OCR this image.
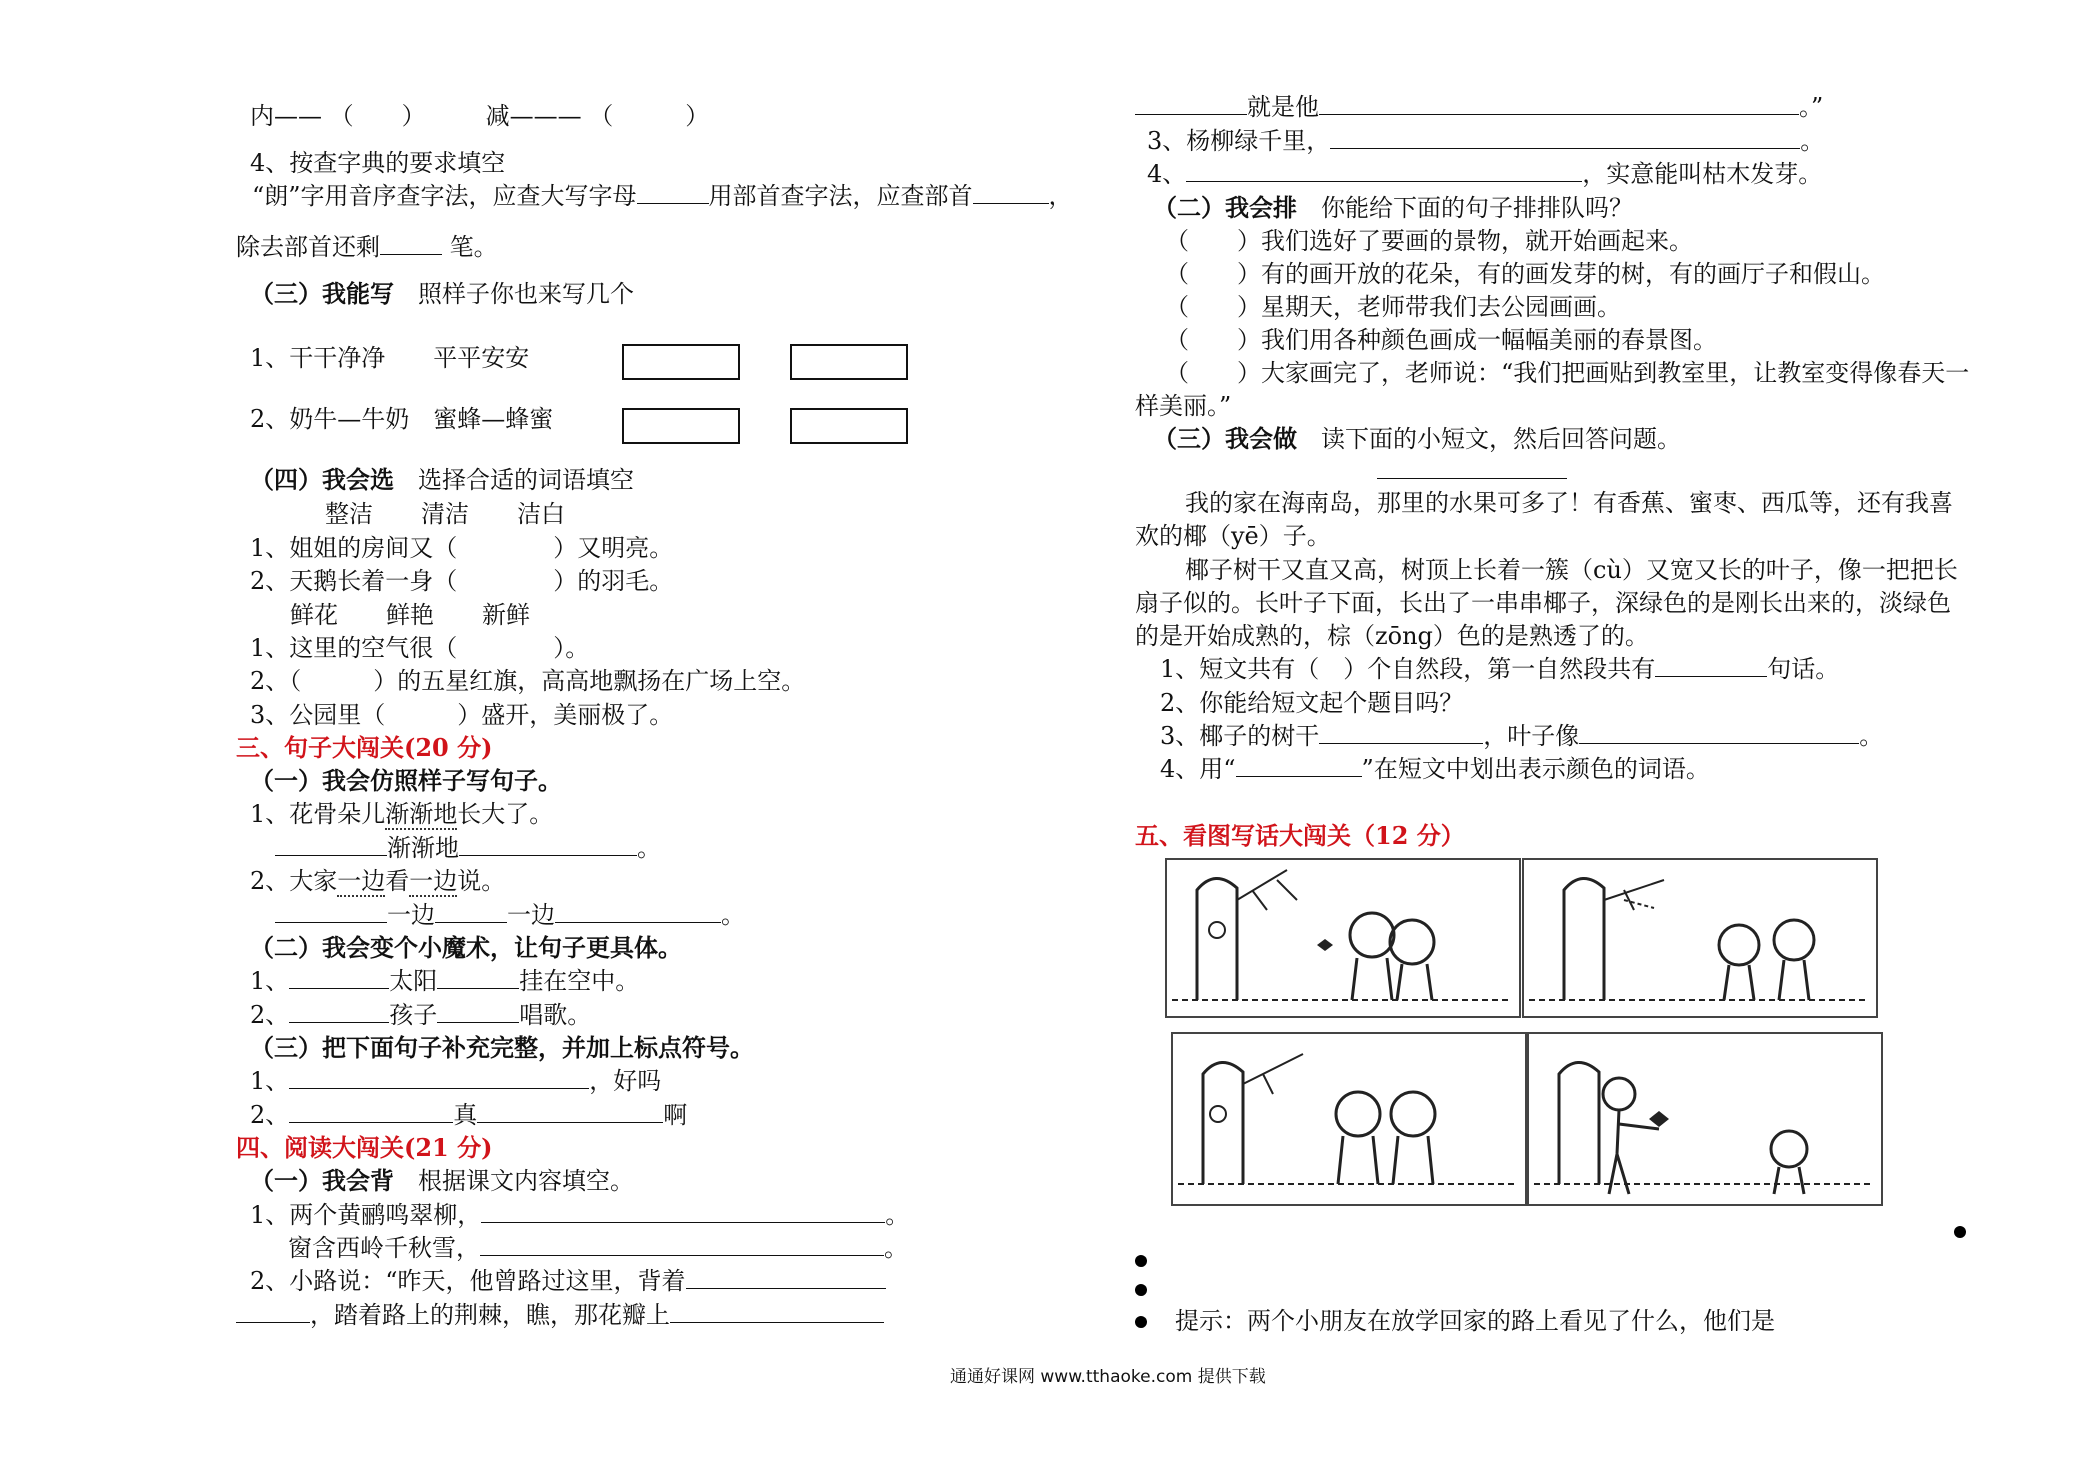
内—— （　　）　　　减——— （　　　）
4、按查字典的要求填空
“朗”字用音序查字法，应查大写字母	用部首查字法，应查部首	，
除去部首还剩	笔。
（三）我能写　 照样子你也来写几个
1、干干净净　　平平安安
2、奶牛—牛奶　蜜蜂—蜂蜜
（四）我会选　 选择合适的词语填空
整洁　　清洁　　洁白
1、姐姐的房间又（　　　　）又明亮。
2、天鹅长着一身（　　　　）的羽毛。
鲜花　　鲜艳　　新鲜
1、这里的空气很（　　　　）。
2、（　　　）的五星红旗，高高地飘扬在广场上空。
3、公园里（　　　）盛开，美丽极了。
三、句子大闯关(20 分)
（一）我会仿照样子写句子。
1、花骨朵儿渐渐地长大了。
渐渐地	。
2、大家一边看一边说。
一边	一边	。
（二）我会变个小魔术，让句子更具体。
1、	太阳	挂在空中。
2、	孩子	唱歌。
（三）把下面句子补充完整，并加上标点符号。
1、	，好吗
2、	真	啊
四、阅读大闯关(21 分)
（一）我会背　 根据课文内容填空。
1、两个黄鹂鸣翠柳，	。
窗含西岭千秋雪，	。
2、小路说：“昨天，他曾路过这里，背着
，踏着路上的荆棘，瞧，那花瓣上
就是他	。”
3、杨柳绿千里，	。
4、	，实意能叫枯木发芽。
（二）我会排　 你能给下面的句子排排队吗？
（　　）我们选好了要画的景物，就开始画起来。
（　　）有的画开放的花朵，有的画发芽的树，有的画厅子和假山。
（　　）星期天，老师带我们去公园画画。
（　　）我们用各种颜色画成一幅幅美丽的春景图。
（　　）大家画完了，老师说：“我们把画贴到教室里，让教室变得像春天一
样美丽。”
（三）我会做　 读下面的小短文，然后回答问题。
我的家在海南岛，那里的水果可多了！有香蕉、蜜枣、西瓜等，还有我喜
欢的椰（yē）子。
椰子树干又直又高，树顶上长着一簇（cù）又宽又长的叶子，像一把把长
扇子似的。长叶子下面，长出了一串串椰子，深绿色的是刚长出来的，淡绿色
的是开始成熟的，棕（zōng）色的是熟透了的。
1、短文共有（　）个自然段，第一自然段共有	句话。
2、你能给短文起个题目吗？
3、椰子的树干	，叶子像	。
4、用“	”在短文中划出表示颜色的词语。
五、看图写话大闯关（12 分）
提示：两个小朋友在放学回家的路上看见了什么，他们是
通通好课网 www.tthaoke.com 提供下载
